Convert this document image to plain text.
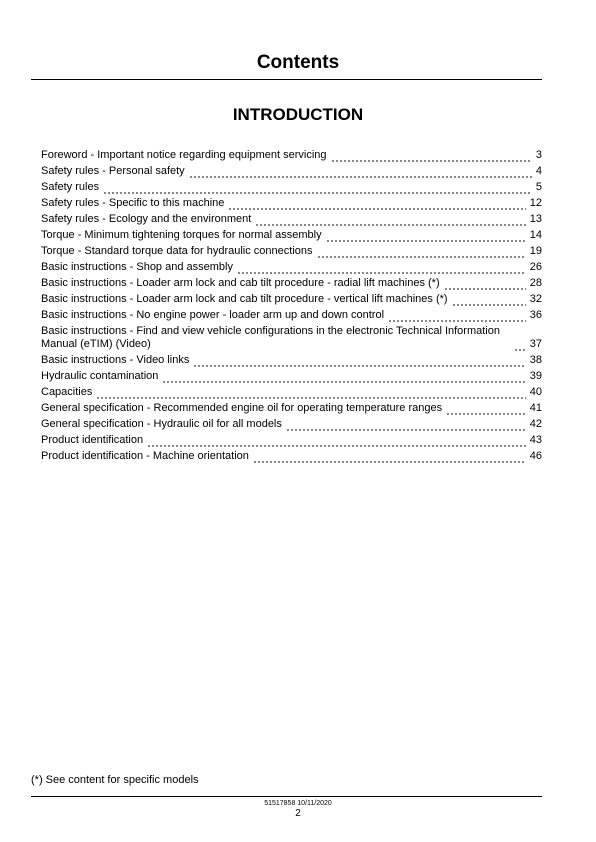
Contents
INTRODUCTION
Foreword - Important notice regarding equipment servicing	3
Safety rules - Personal safety	4
Safety rules	5
Safety rules - Specific to this machine	12
Safety rules - Ecology and the environment	13
Torque - Minimum tightening torques for normal assembly	14
Torque - Standard torque data for hydraulic connections	19
Basic instructions - Shop and assembly	26
Basic instructions - Loader arm lock and cab tilt procedure - radial lift machines (*)	28
Basic instructions - Loader arm lock and cab tilt procedure - vertical lift machines (*)	32
Basic instructions - No engine power - loader arm up and down control	36
Basic instructions - Find and view vehicle configurations in the electronic Technical Information Manual (eTIM) (Video)	37
Basic instructions - Video links	38
Hydraulic contamination	39
Capacities	40
General specification - Recommended engine oil for operating temperature ranges	41
General specification - Hydraulic oil for all models	42
Product identification	43
Product identification - Machine orientation	46
(*) See content for specific models
51517858 10/11/2020
2
